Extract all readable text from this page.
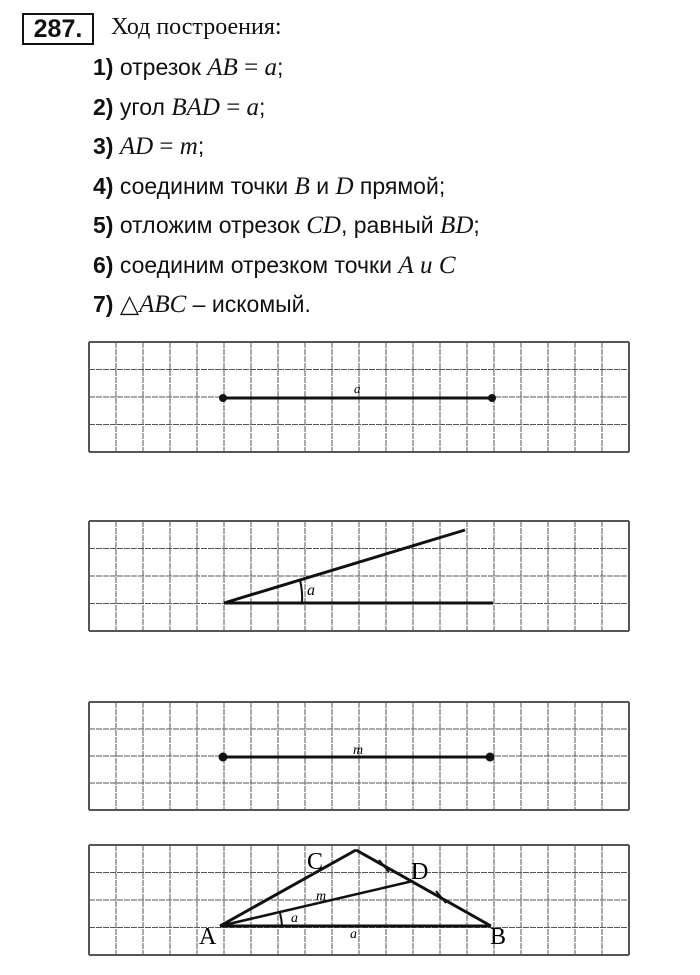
287.	Ход построения:
1) отрезок AB = a;
2) угол BAD = a;
3) AD = m;
4) соединим точки B и D прямой;
5) отложим отрезок CD, равный BD;
6) соединим отрезком точки A и C
7) △ABC – искомый.
a
a
m
A	B
C	D
m
a
a
